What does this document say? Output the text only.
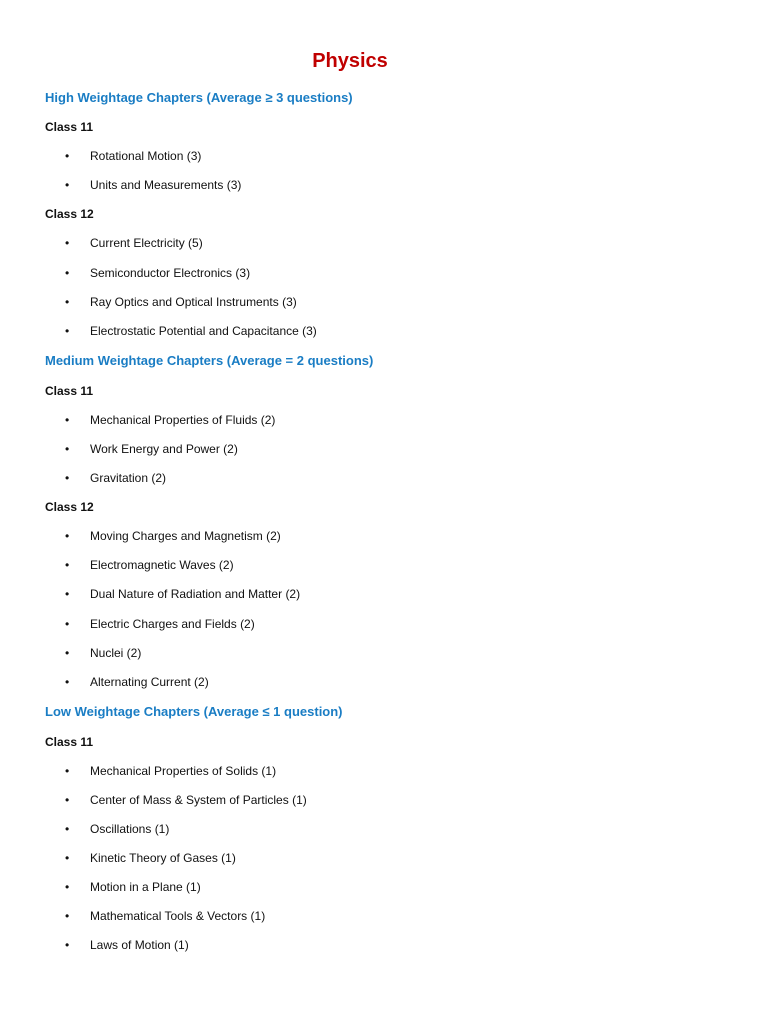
Physics
High Weightage Chapters (Average ≥ 3 questions)
Class 11
• Rotational Motion (3)
• Units and Measurements (3)
Class 12
• Current Electricity (5)
• Semiconductor Electronics (3)
• Ray Optics and Optical Instruments (3)
• Electrostatic Potential and Capacitance (3)
Medium Weightage Chapters (Average = 2 questions)
Class 11
• Mechanical Properties of Fluids (2)
• Work Energy and Power (2)
• Gravitation (2)
Class 12
• Moving Charges and Magnetism (2)
• Electromagnetic Waves (2)
• Dual Nature of Radiation and Matter (2)
• Electric Charges and Fields (2)
• Nuclei (2)
• Alternating Current (2)
Low Weightage Chapters (Average ≤ 1 question)
Class 11
• Mechanical Properties of Solids (1)
• Center of Mass & System of Particles (1)
• Oscillations (1)
• Kinetic Theory of Gases (1)
• Motion in a Plane (1)
• Mathematical Tools & Vectors (1)
• Laws of Motion (1)
